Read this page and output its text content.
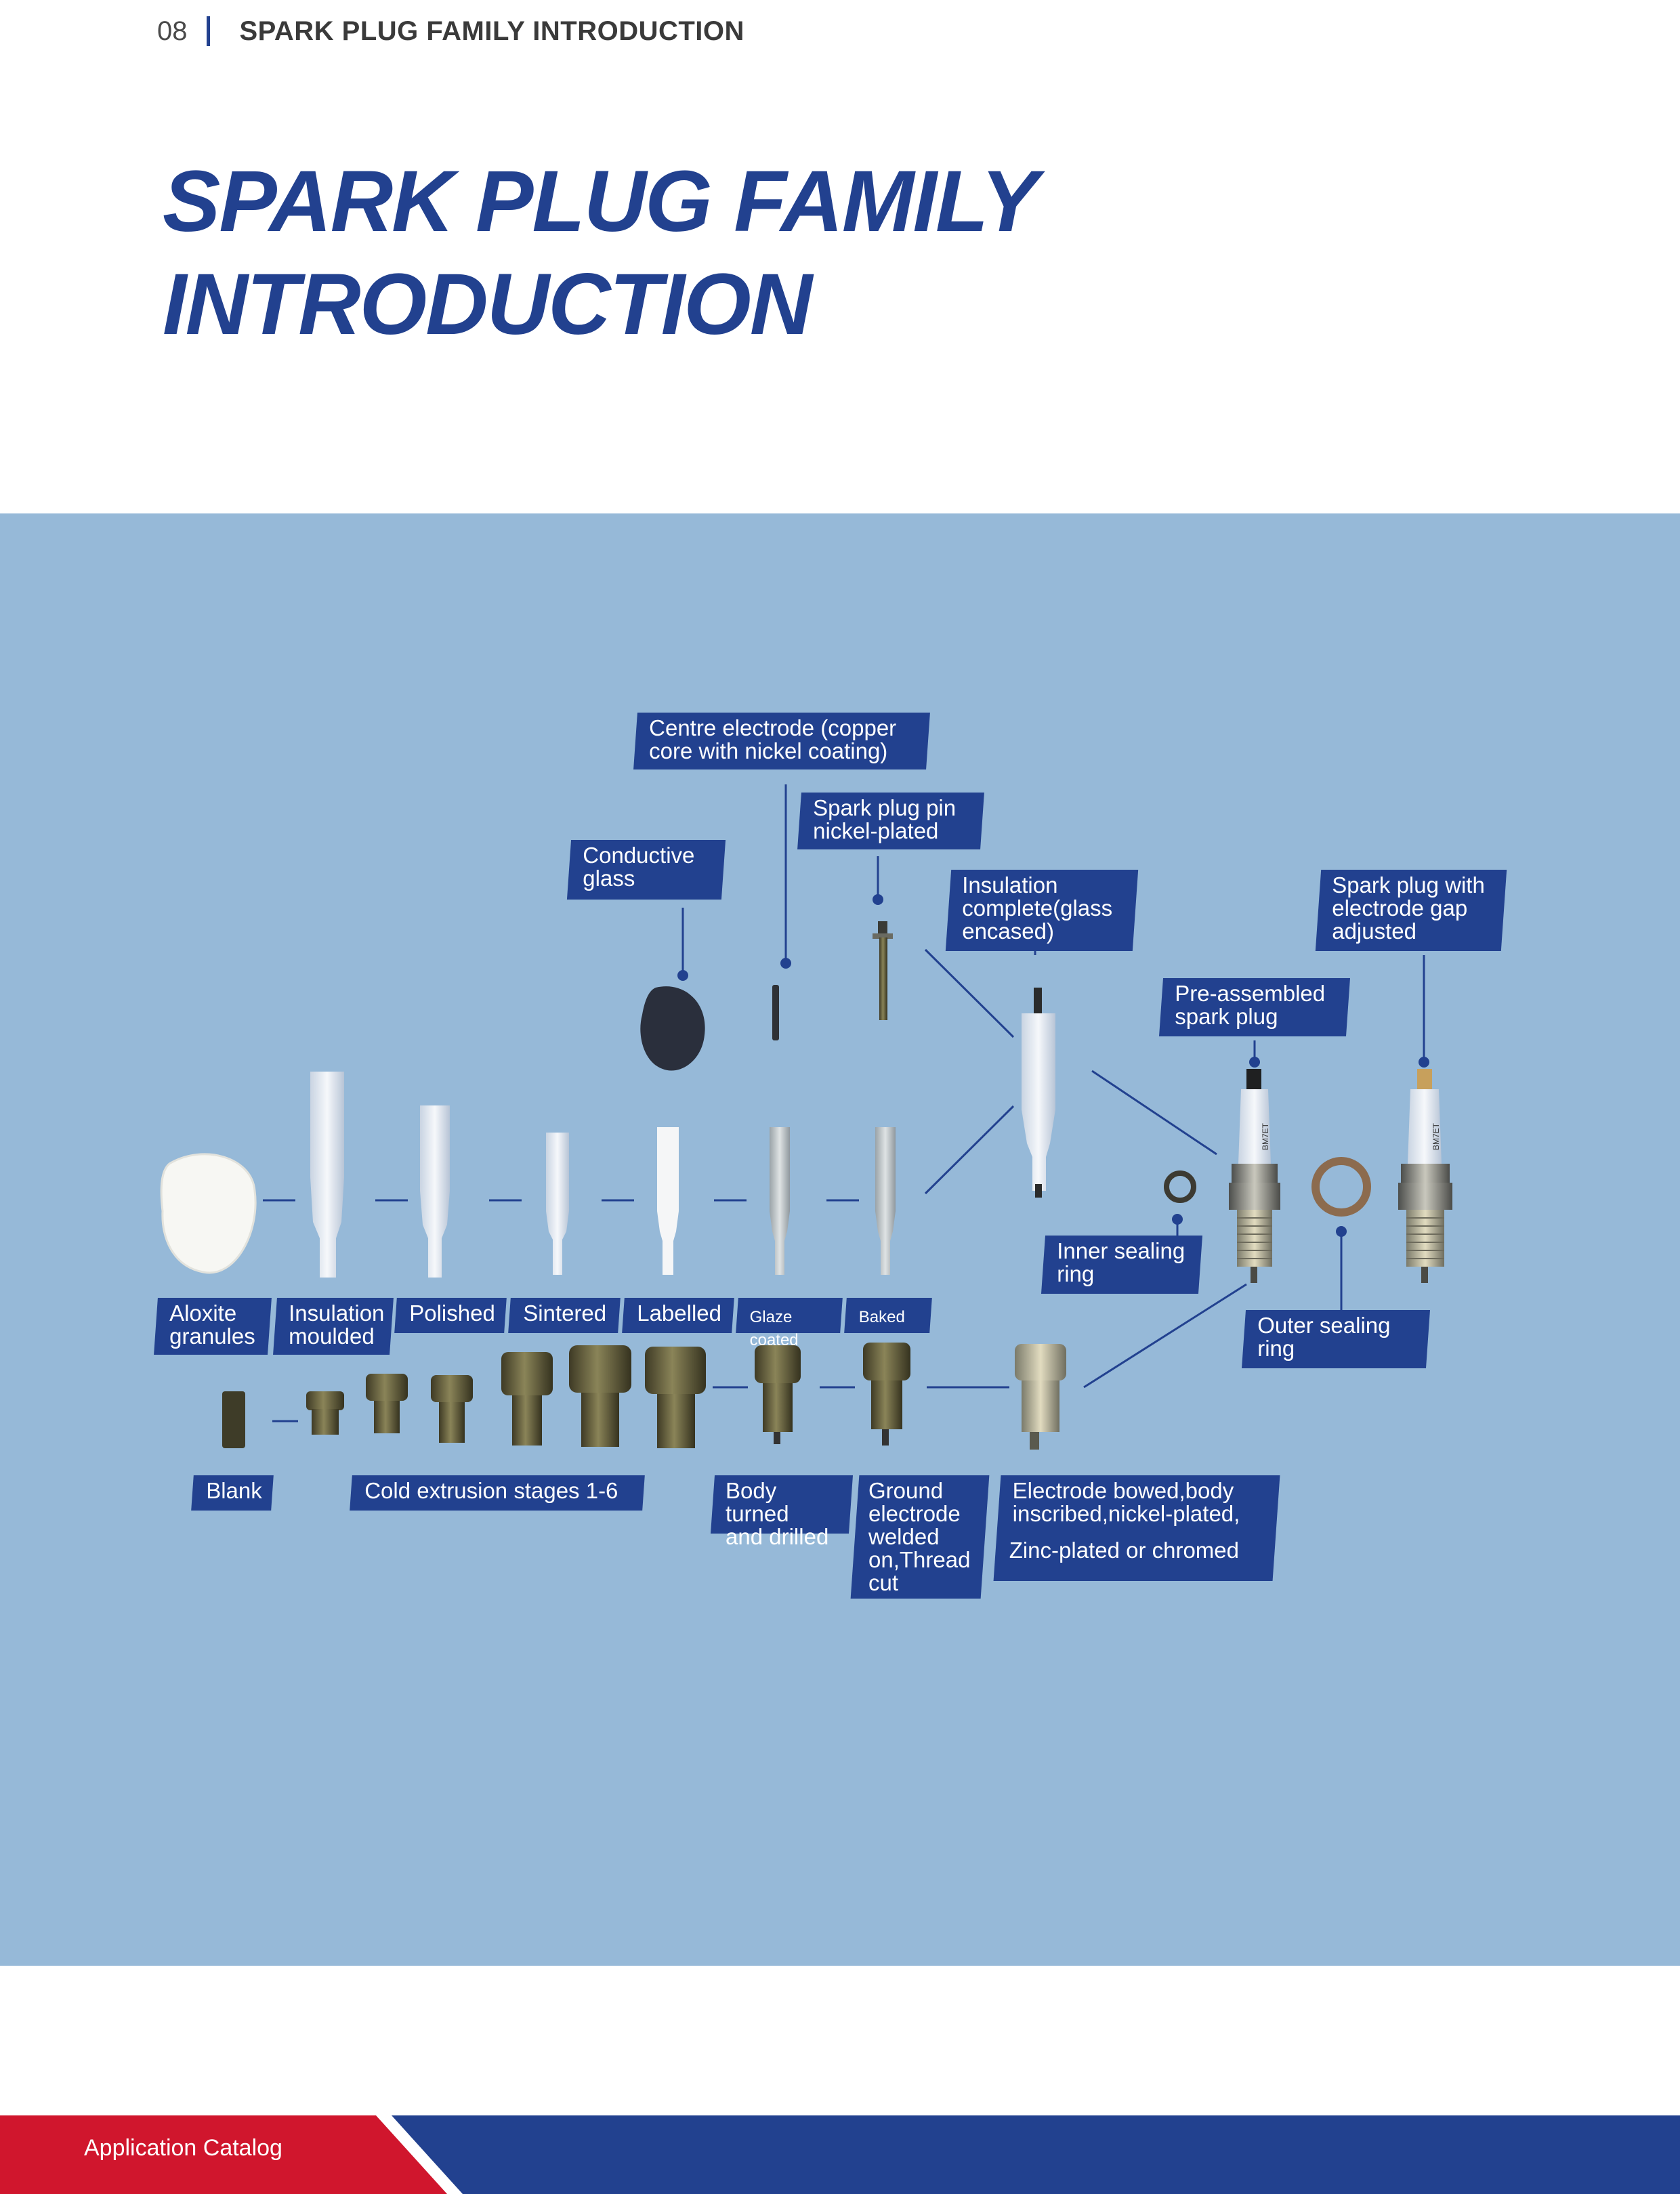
08 SPARK PLUG FAMILY INTRODUCTION
SPARK PLUG FAMILY
INTRODUCTION
BM7ET	BM7ET
Centre electrode (copper
core with nickel coating)
Spark plug pin
nickel-plated
Conductive
glass	Insulation
complete(glass
encased)
Spark plug with
electrode gap
adjusted
Pre-assembled
spark plug
Inner sealing
ring
Outer sealing
ring
Aloxite
granules
Insulation
moulded
Polished Sintered Labelled Glaze coated
Baked
Blank	Cold extrusion stages 1-6	Body turned
and drilled
Ground
electrode
welded
on,Thread
cut
Electrode bowed,body
inscribed,nickel-plated,
Zinc-plated or chromed
Application Catalog
